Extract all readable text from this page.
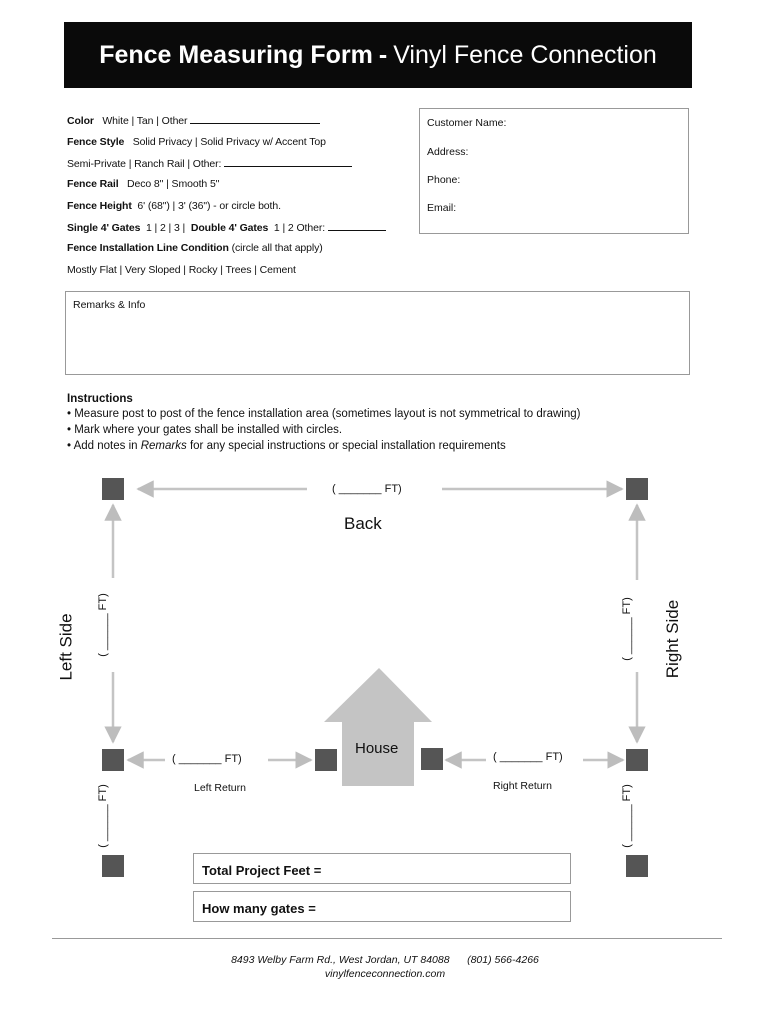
Fence Measuring Form - Vinyl Fence Connection
Color White | Tan | Other
Fence Style Solid Privacy | Solid Privacy w/ Accent Top
Semi-Private | Ranch Rail | Other:
Fence Rail Deco 8" | Smooth 5"
Fence Height 6' (68") | 3' (36") - or circle both.
Single 4' Gates 1 | 2 | 3 | Double 4' Gates 1 | 2 Other:
Fence Installation Line Condition (circle all that apply)
Mostly Flat | Very Sloped | Rocky | Trees | Cement
Customer Name:
Address:
Phone:
Email:
Remarks & Info
Instructions
• Measure post to post of the fence installation area (sometimes layout is not symmetrical to drawing)
• Mark where your gates shall be installed with circles.
• Add notes in Remarks for any special instructions or special installation requirements
( _______ FT)
Back
( ______ FT)	( ______ FT)
( ______ FT)	( ______ FT)
Left Side	Right Side
House
( _______ FT)	( _______ FT)
Left Return	Right Return
Total Project Feet =
How many gates =
8493 Welby Farm Rd., West Jordan, UT 84088 (801) 566-4266
vinylfenceconnection.com
